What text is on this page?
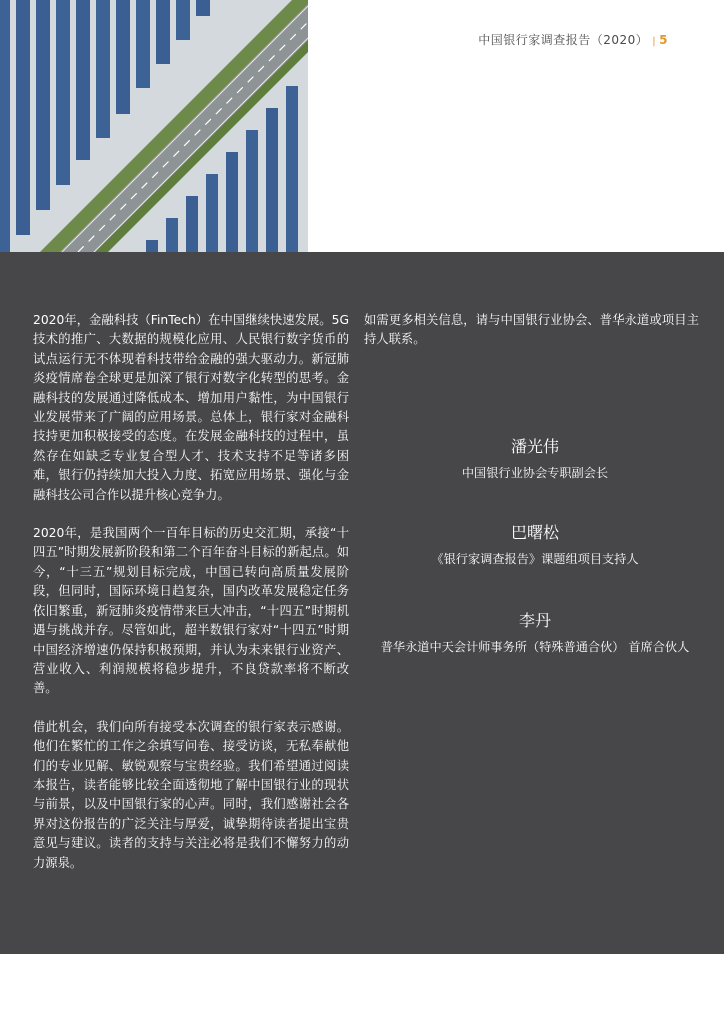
中国银行家调查报告（2020） | 5

2020年，金融科技（FinTech）在中国继续快速发展。5G技术的推广、大数据的规模化应用、人民银行数字货币的试点运行无不体现着科技带给金融的强大驱动力。新冠肺炎疫情席卷全球更是加深了银行对数字化转型的思考。金融科技的发展通过降低成本、增加用户黏性，为中国银行业发展带来了广阔的应用场景。总体上，银行家对金融科技持更加积极接受的态度。在发展金融科技的过程中，虽然存在如缺乏专业复合型人才、技术支持不足等诸多困难，银行仍持续加大投入力度、拓宽应用场景、强化与金融科技公司合作以提升核心竞争力。

2020年，是我国两个一百年目标的历史交汇期，承接“十四五”时期发展新阶段和第二个百年奋斗目标的新起点。如今，“十三五”规划目标完成，中国已转向高质量发展阶段，但同时，国际环境日趋复杂，国内改革发展稳定任务依旧繁重，新冠肺炎疫情带来巨大冲击，“十四五”时期机遇与挑战并存。尽管如此，超半数银行家对“十四五”时期中国经济增速仍保持积极预期，并认为未来银行业资产、营业收入、利润规模将稳步提升，不良贷款率将不断改善。

借此机会，我们向所有接受本次调查的银行家表示感谢。他们在繁忙的工作之余填写问卷、接受访谈，无私奉献他们的专业见解、敏锐观察与宝贵经验。我们希望通过阅读本报告，读者能够比较全面透彻地了解中国银行业的现状与前景，以及中国银行家的心声。同时，我们感谢社会各界对这份报告的广泛关注与厚爱，诚挚期待读者提出宝贵意见与建议。读者的支持与关注必将是我们不懈努力的动力源泉。

如需更多相关信息，请与中国银行业协会、普华永道或项目主持人联系。

潘光伟
中国银行业协会专职副会长
巴曙松
《银行家调查报告》课题组项目支持人
李丹
普华永道中天会计师事务所（特殊普通合伙） 首席合伙人
